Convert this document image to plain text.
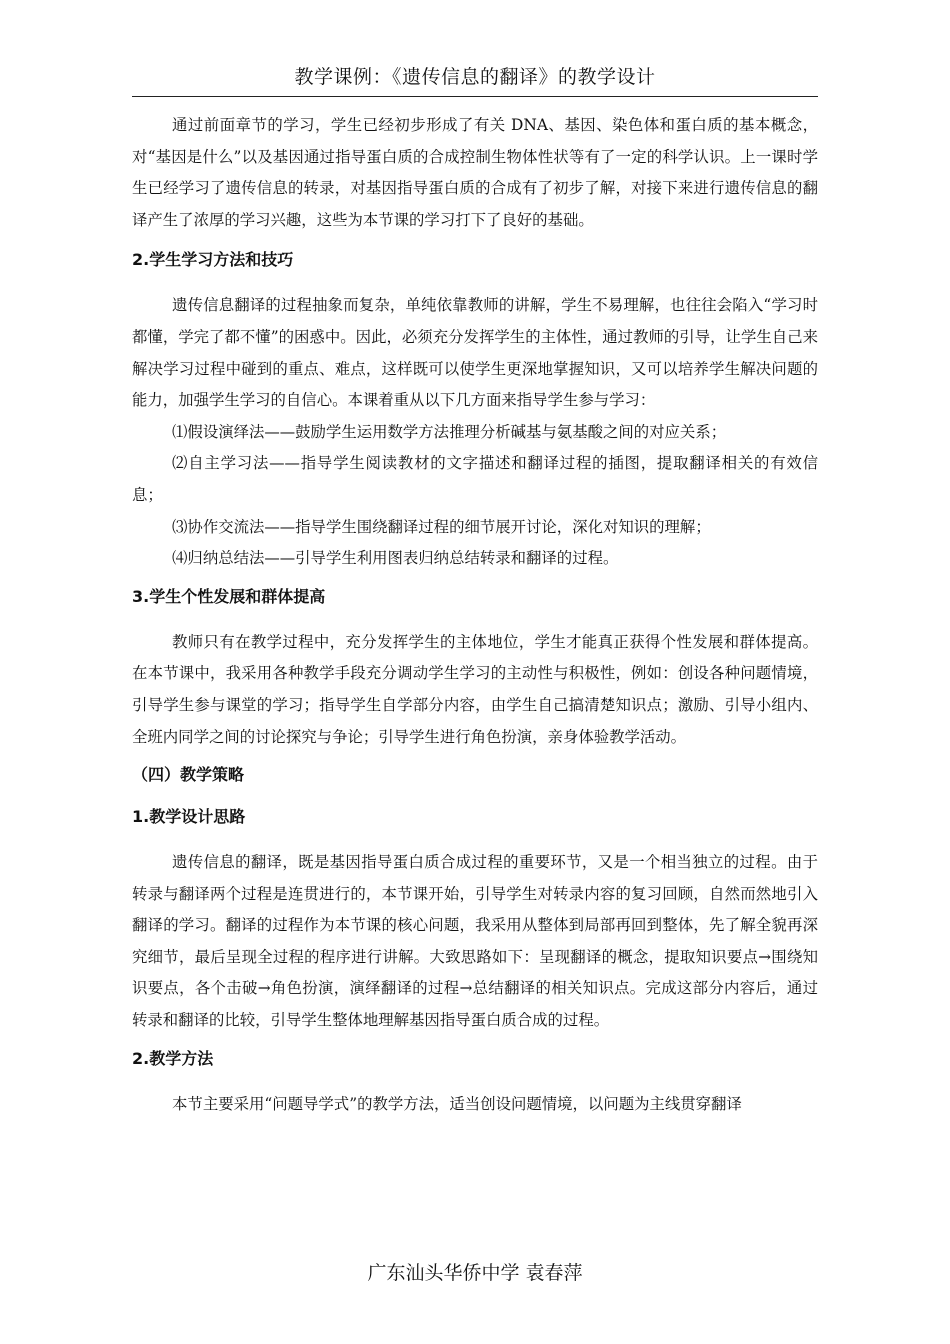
教学课例：《遗传信息的翻译》的教学设计

通过前面章节的学习，学生已经初步形成了有关 DNA、基因、染色体和蛋白质的基本概念，对“基因是什么”以及基因通过指导蛋白质的合成控制生物体性状等有了一定的科学认识。上一课时学生已经学习了遗传信息的转录，对基因指导蛋白质的合成有了初步了解，对接下来进行遗传信息的翻译产生了浓厚的学习兴趣，这些为本节课的学习打下了良好的基础。

2.学生学习方法和技巧

遗传信息翻译的过程抽象而复杂，单纯依靠教师的讲解，学生不易理解，也往往会陷入“学习时都懂，学完了都不懂”的困惑中。因此，必须充分发挥学生的主体性，通过教师的引导，让学生自己来解决学习过程中碰到的重点、难点，这样既可以使学生更深地掌握知识，又可以培养学生解决问题的能力，加强学生学习的自信心。本课着重从以下几方面来指导学生参与学习：

⑴假设演绎法——鼓励学生运用数学方法推理分析碱基与氨基酸之间的对应关系；

⑵自主学习法——指导学生阅读教材的文字描述和翻译过程的插图，提取翻译相关的有效信息；

⑶协作交流法——指导学生围绕翻译过程的细节展开讨论，深化对知识的理解；

⑷归纳总结法——引导学生利用图表归纳总结转录和翻译的过程。

3.学生个性发展和群体提高

教师只有在教学过程中，充分发挥学生的主体地位，学生才能真正获得个性发展和群体提高。在本节课中，我采用各种教学手段充分调动学生学习的主动性与积极性，例如：创设各种问题情境，引导学生参与课堂的学习；指导学生自学部分内容，由学生自己搞清楚知识点；激励、引导小组内、全班内同学之间的讨论探究与争论；引导学生进行角色扮演，亲身体验教学活动。

（四）教学策略
1.教学设计思路

遗传信息的翻译，既是基因指导蛋白质合成过程的重要环节，又是一个相当独立的过程。由于转录与翻译两个过程是连贯进行的，本节课开始，引导学生对转录内容的复习回顾，自然而然地引入翻译的学习。翻译的过程作为本节课的核心问题，我采用从整体到局部再回到整体，先了解全貌再深究细节，最后呈现全过程的程序进行讲解。大致思路如下：呈现翻译的概念，提取知识要点→围绕知识要点，各个击破→角色扮演，演绎翻译的过程→总结翻译的相关知识点。完成这部分内容后，通过转录和翻译的比较，引导学生整体地理解基因指导蛋白质合成的过程。

2.教学方法

本节主要采用“问题导学式”的教学方法，适当创设问题情境，以问题为主线贯穿翻译

广东汕头华侨中学 袁春萍
